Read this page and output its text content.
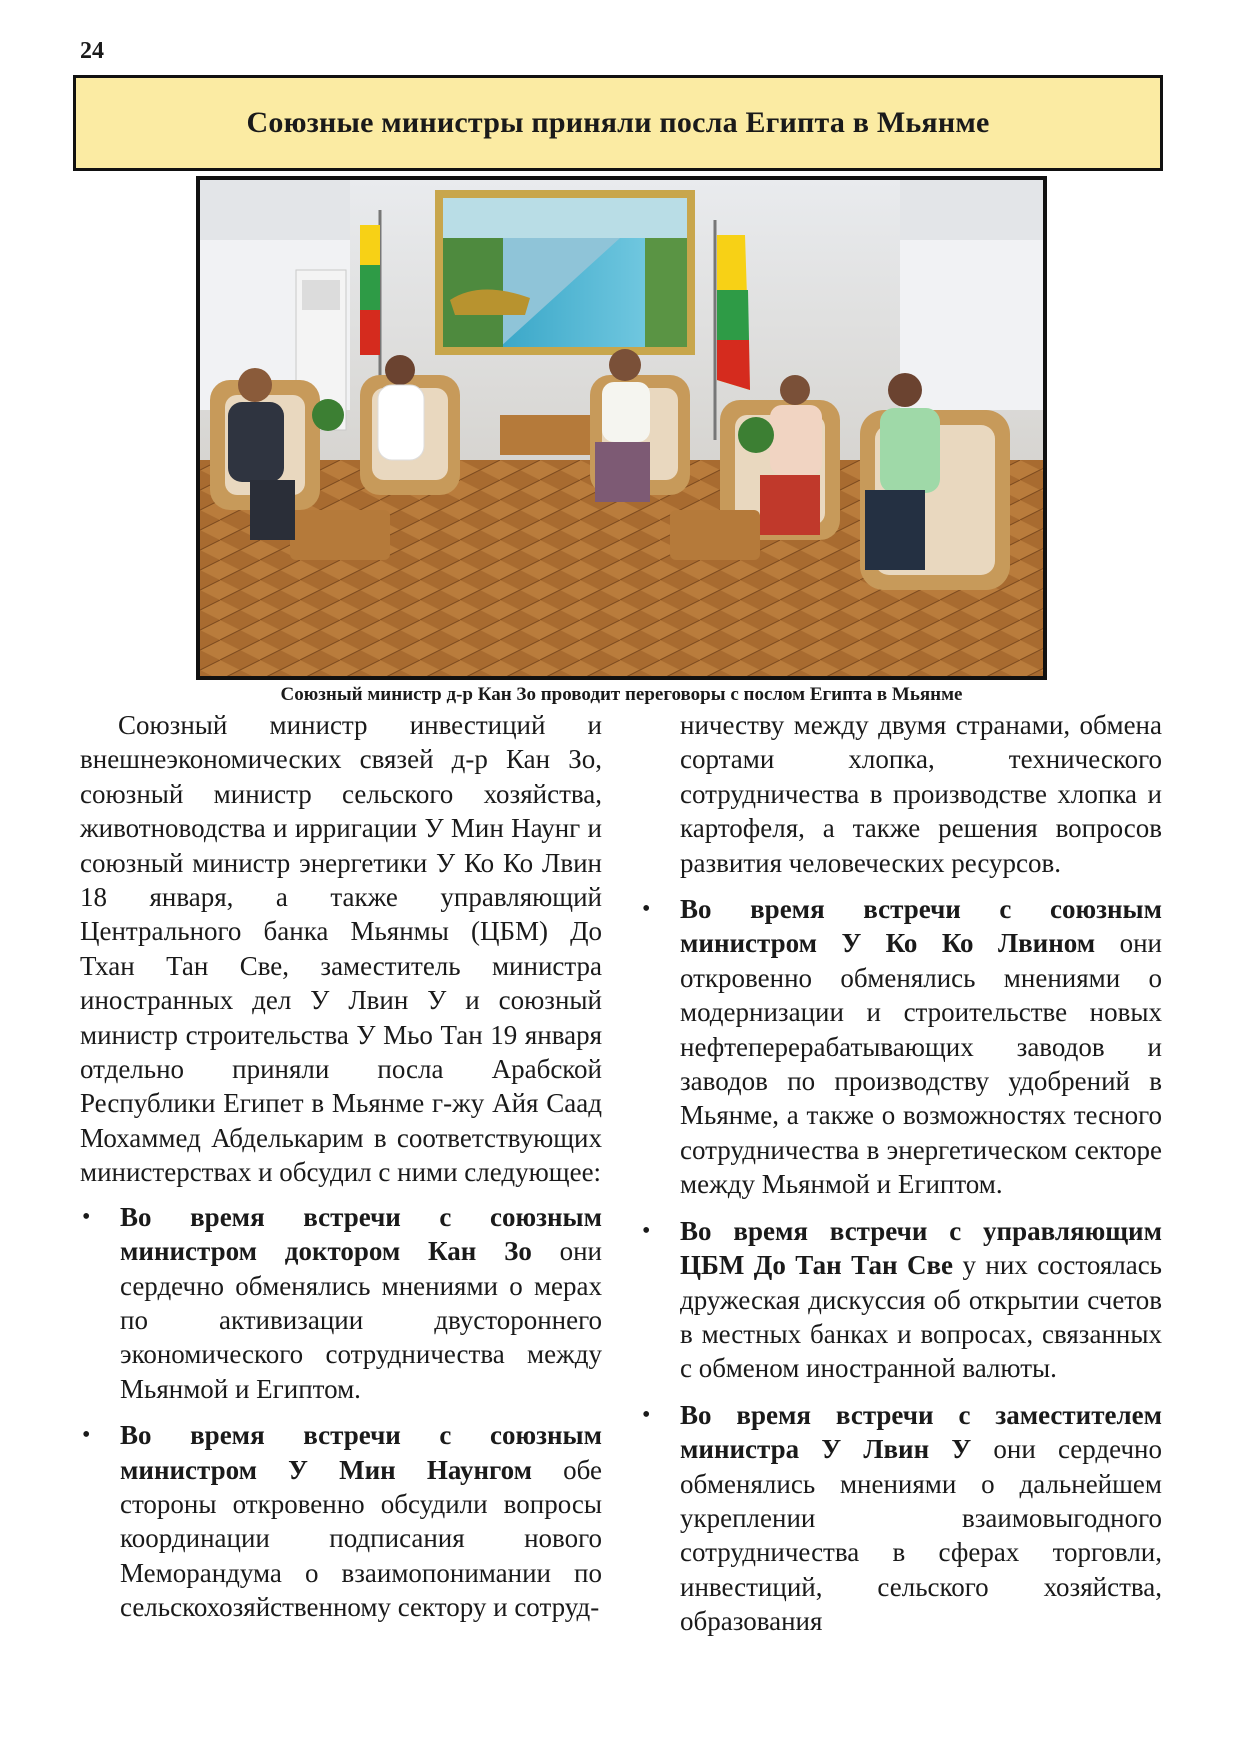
24
Союзные министры приняли посла Египта в Мьянме
Союзный министр д-р Кан Зо проводит переговоры с послом Египта в Мьянме

Союзный министр инвестиций и внешнеэкономических связей д-р Кан Зо, союзный министр сельского хозяйства, животноводства и ирригации У Мин Наунг и союзный министр энергетики У Ко Ко Лвин 18 января, а также управляющий Центрального банка Мьянмы (ЦБМ) До Тхан Тан Све, заместитель министра иностранных дел У Лвин У и союзный министр строительства У Мьо Тан 19 января отдельно приняли посла Арабской Республики Египет в Мьянме г-жу Айя Саад Мохаммед Абделькарим в соответствующих министерствах и обсудил с ними следующее:

• Во время встречи с союзным министром доктором Кан Зо они сердечно обменялись мнениями о мерах по активизации двустороннего экономического сотрудничества между Мьянмой и Египтом.
• Во время встречи с союзным министром У Мин Наунгом обе стороны откровенно обсудили вопросы координации подписания нового Меморандума о взаимопонимании по сельскохозяйственному сектору и сотруд-
ничеству между двумя странами, обмена сортами хлопка, технического сотрудничества в производстве хлопка и картофеля, а также решения вопросов развития человеческих ресурсов.
• Во время встречи с союзным министром У Ко Ко Лвином они откровенно обменялись мнениями о модернизации и строительстве новых нефтеперерабатывающих заводов и заводов по производству удобрений в Мьянме, а также о возможностях тесного сотрудничества в энергетическом секторе между Мьянмой и Египтом.
• Во время встречи с управляющим ЦБМ До Тан Тан Све у них состоялась дружеская дискуссия об открытии счетов в местных банках и вопросах, связанных с обменом иностранной валюты.
• Во время встречи с заместителем министра У Лвин У они сердечно обменялись мнениями о дальнейшем укреплении взаимовыгодного сотрудничества в сферах торговли, инвестиций, сельского хозяйства, образования
